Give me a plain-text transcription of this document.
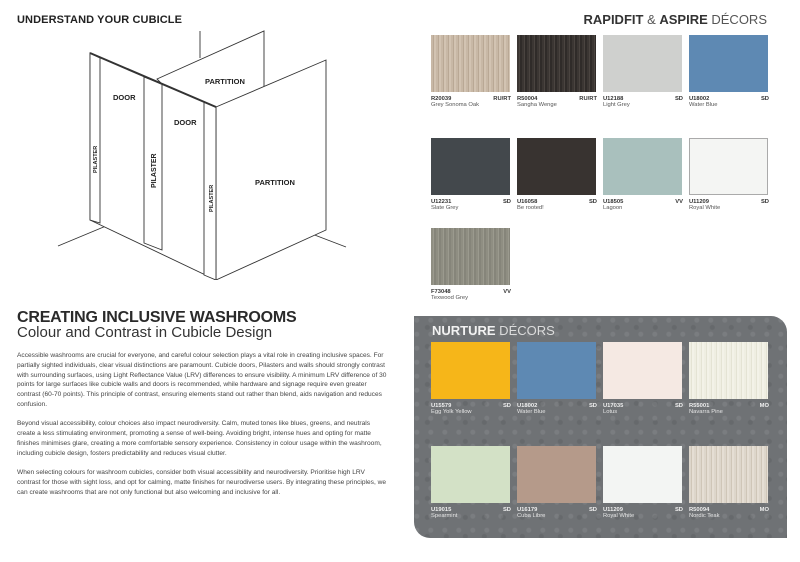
UNDERSTAND YOUR CUBICLE
DOOR
DOOR
PARTITION
PARTITION
PILASTER	PILASTER
PILASTER
CREATING INCLUSIVE WASHROOMS
Colour and Contrast in Cubicle Design

Accessible washrooms are crucial for everyone, and careful colour selection plays a vital role in creating inclusive spaces. For partially sighted individuals, clear visual distinctions are paramount. Cubicle doors, Pilasters and walls should strongly contrast with surrounding surfaces, using Light Reflectance Value (LRV) differences to ensure visibility. A minimum LRV difference of 30 points for large surfaces like cubicle walls and doors is recommended, while hardware and signage require even greater contrast (60-70 points). This principle of contrast, ensuring elements stand out rather than blend, aids navigation and reduces confusion.

Beyond visual accessibility, colour choices also impact neurodiversity. Calm, muted tones like blues, greens, and neutrals create a less stimulating environment, promoting a sense of well-being. Avoiding bright, intense hues and opting for matte finishes minimises glare, creating a more comfortable sensory experience. Consistency in colour usage within the washroom, including cubicle design, fosters predictability and reduces visual clutter.

When selecting colours for washroom cubicles, consider both visual accessibility and neurodiversity. Prioritise high LRV contrast for those with sight loss, and opt for calming, matte finishes for neurodiverse users. By integrating these principles, we can create washrooms that are not only functional but also welcoming and inclusive for all.

RAPIDFIT & ASPIRE DÉCORS
R20039	RU/RT
Grey Sonoma Oak
R50004	RU/RT
Sangha Wenge
U12188	SD
Light Grey
U18002	SD
Water Blue
U12231	SD
Slate Grey
U16058	SD
Be rooted!
U18505	VV
Lagoon
U11209	SD
Royal White
F73048	VV
Texwood Grey
NURTURE DÉCORS
U15579	SD
Egg Yolk Yellow
U18002	SD
Water Blue
U17035	SD
Lotus
R55001	MO
Navarra Pine
U19015	SD
Spearmint
U16179	SD
Cuba Libre
U11209	SD
Royal White
R50094	MO
Nordic Teak
